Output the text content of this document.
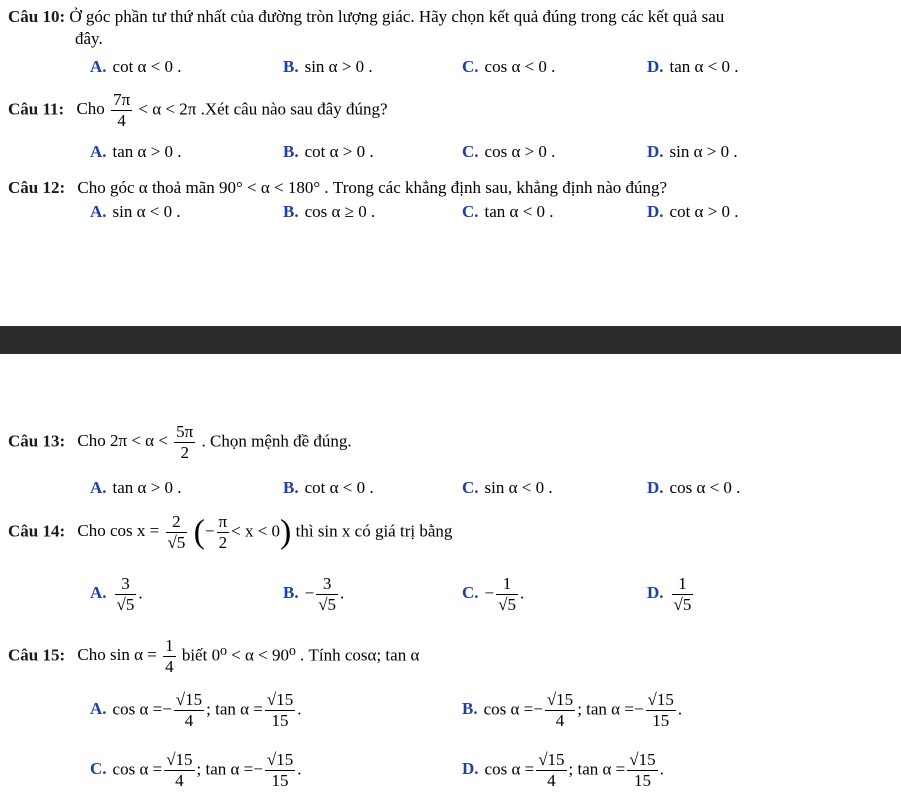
Câu 10: Ở góc phần tư thứ nhất của đường tròn lượng giác. Hãy chọn kết quả đúng trong các kết quả sau
đây.
A. cot α < 0 .	B. sin α > 0 .	C. cos α < 0 .	D. tan α < 0 .
Câu 11: Cho $\frac{7\pi}{4} < \alpha < 2\pi$ .Xét câu nào sau đây đúng?
A. tan α > 0 .	B. cot α > 0 .	C. cos α > 0 .	D. sin α > 0 .
Câu 12: Cho góc α thoả mãn 90° < α < 180° . Trong các khẳng định sau, khẳng định nào đúng?
A. sin α < 0 .	B. cos α ≥ 0 .	C. tan α < 0 .	D. cot α > 0 .
Câu 13: Cho $2\pi < \alpha < \frac{5\pi}{2}$ . Chọn mệnh đề đúng.
A. tan α > 0 .	B. cot α < 0 .	C. sin α < 0 .	D. cos α < 0 .
Câu 14: Cho $\cos x = \frac{2}{√5}$ (− $\frac{\pi}{2} < x < 0$) thì sin x có giá trị bằng
A. $\frac{3}{√5}$ .	B. − $\frac{3}{√5}$ .	C. − $\frac{1}{√5}$ .	D. $\frac{1}{√5}$
Câu 15: Cho $\sin \alpha = \frac{1}{4}$ biết 0⁰ < α < 90⁰ . Tính cosα; tan α
A. $\cos \alpha =- \frac{√15}{4}$ ; $\tan \alpha = \frac{√15}{15}$ .	B. $\cos \alpha =- \frac{√15}{4}$ ; $\tan \alpha =- \frac{√15}{15}$ .
C. $\cos \alpha = \frac{√15}{4}$ ; $\tan \alpha =- \frac{√15}{15}$ .	D. $\cos \alpha = \frac{√15}{4}$ ; $\tan \alpha = \frac{√15}{15}$ .
